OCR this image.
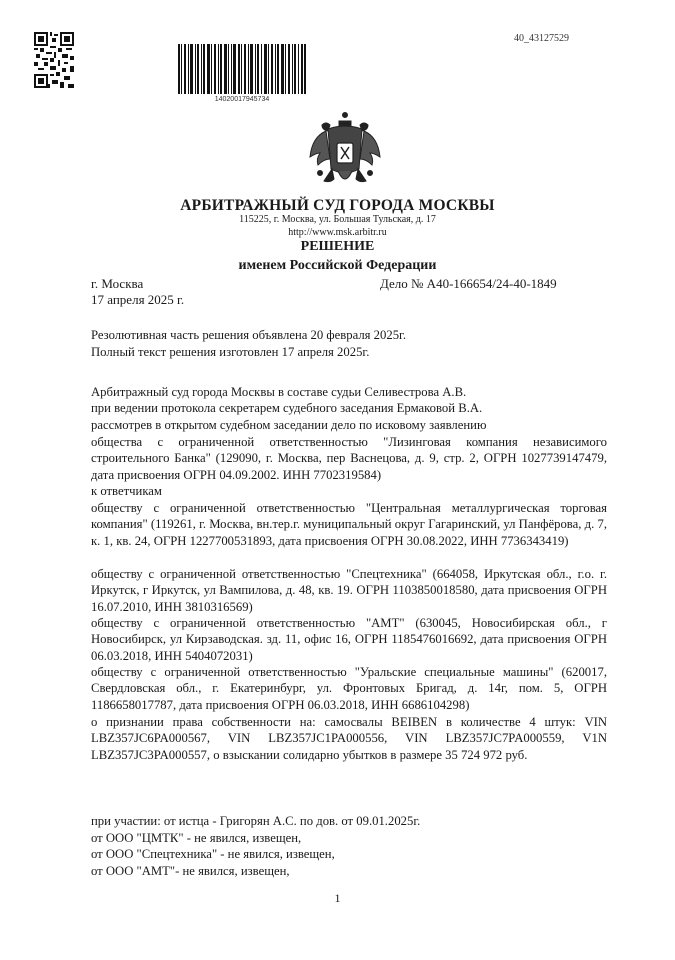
14020017945734
40_43127529
АРБИТРАЖНЫЙ СУД ГОРОДА МОСКВЫ
115225, г. Москва, ул. Большая Тульская, д. 17
http://www.msk.arbitr.ru
РЕШЕНИЕ
именем Российской Федерации
г. Москва	Дело № А40-166654/24-40-1849
17 апреля 2025 г.
Резолютивная часть решения объявлена 20 февраля 2025г.
Полный текст решения изготовлен 17 апреля 2025г.
Арбитражный суд города Москвы в составе судьи Селивестрова А.В.
при ведении протокола секретарем судебного заседания Ермаковой В.А.
рассмотрев в открытом судебном заседании дело по исковому заявлению
общества с ограниченной ответственностью "Лизинговая компания независимого строительного Банка" (129090, г. Москва, пер Васнецова, д. 9, стр. 2, ОГРН 1027739147479, дата присвоения ОГРН 04.09.2002. ИНН 7702319584)
к ответчикам
обществу с ограниченной ответственностью "Центральная металлургическая торговая компания" (119261, г. Москва, вн.тер.г. муниципальный округ Гагаринский, ул Панфёрова, д. 7, к. 1, кв. 24, ОГРН 1227700531893, дата присвоения ОГРН 30.08.2022, ИНН 7736343419)
обществу с ограниченной ответственностью "Спецтехника" (664058, Иркутская обл., г.о. г. Иркутск, г Иркутск, ул Вампилова, д. 48, кв. 19. ОГРН 1103850018580, дата присвоения ОГРН 16.07.2010, ИНН 3810316569)
обществу с ограниченной ответственностью "АМТ" (630045, Новосибирская обл., г Новосибирск, ул Кирзаводская. зд. 11, офис 16, ОГРН 1185476016692, дата присвоения ОГРН 06.03.2018, ИНН 5404072031)
обществу с ограниченной ответственностью "Уральские специальные машины" (620017, Свердловская обл., г. Екатеринбург, ул. Фронтовых Бригад, д. 14г, пом. 5, ОГРН 1186658017787, дата присвоения ОГРН 06.03.2018, ИНН 6686104298)
о признании права собственности на: самосвалы BEIBEN в количестве 4 штук: VIN LBZ357JC6PA000567, VIN LBZ357JC1PA000556, VIN LBZ357JC7PA000559, V1N LBZ357JC3PA000557, о взыскании солидарно убытков в размере 35 724 972 руб.
при участии: от истца - Григорян А.С. по дов. от 09.01.2025г.
от ООО "ЦМТК" - не явился, извещен,
от ООО "Спецтехника" - не явился, извещен,
от ООО "АМТ"- не явился, извещен,
1
